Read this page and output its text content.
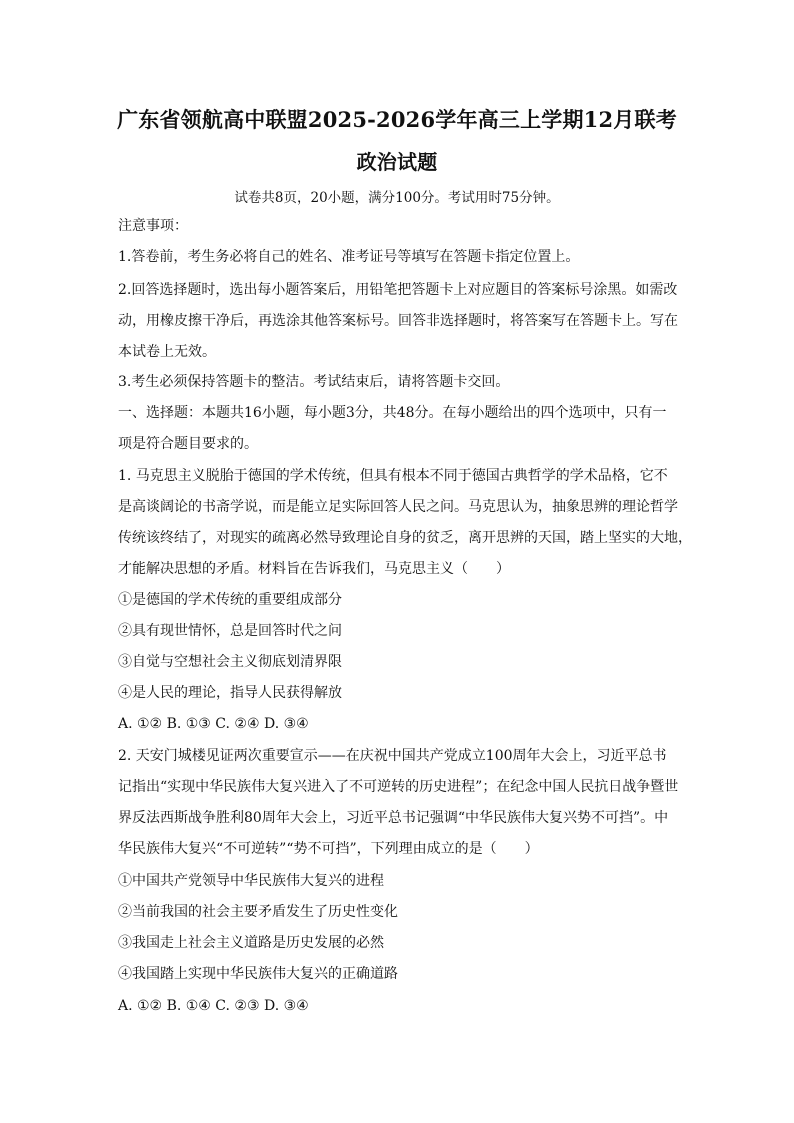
广东省领航高中联盟2025-2026学年高三上学期12月联考
政治试题
试卷共8页，20小题，满分100分。考试用时75分钟。
注意事项：
1.答卷前，考生务必将自己的姓名、准考证号等填写在答题卡指定位置上。
2.回答选择题时，选出每小题答案后，用铅笔把答题卡上对应题目的答案标号涂黑。如需改
动，用橡皮擦干净后，再选涂其他答案标号。回答非选择题时，将答案写在答题卡上。写在
本试卷上无效。
3.考生必须保持答题卡的整洁。考试结束后，请将答题卡交回。
一、选择题：本题共16小题，每小题3分，共48分。在每小题给出的四个选项中，只有一
项是符合题目要求的。
1. 马克思主义脱胎于德国的学术传统，但具有根本不同于德国古典哲学的学术品格，它不
是高谈阔论的书斋学说，而是能立足实际回答人民之问。马克思认为，抽象思辨的理论哲学
传统该终结了，对现实的疏离必然导致理论自身的贫乏，离开思辨的天国，踏上坚实的大地，
才能解决思想的矛盾。材料旨在告诉我们，马克思主义（　　）
①是德国的学术传统的重要组成部分
②具有现世情怀，总是回答时代之问
③自觉与空想社会主义彻底划清界限
④是人民的理论，指导人民获得解放
A. ①② B. ①③ C. ②④ D. ③④
2. 天安门城楼见证两次重要宣示——在庆祝中国共产党成立100周年大会上，习近平总书
记指出“实现中华民族伟大复兴进入了不可逆转的历史进程”；在纪念中国人民抗日战争暨世
界反法西斯战争胜利80周年大会上，习近平总书记强调“中华民族伟大复兴势不可挡”。中
华民族伟大复兴“不可逆转”“势不可挡”，下列理由成立的是（　　）
①中国共产党领导中华民族伟大复兴的进程
②当前我国的社会主要矛盾发生了历史性变化
③我国走上社会主义道路是历史发展的必然
④我国踏上实现中华民族伟大复兴的正确道路
A. ①② B. ①④ C. ②③ D. ③④
